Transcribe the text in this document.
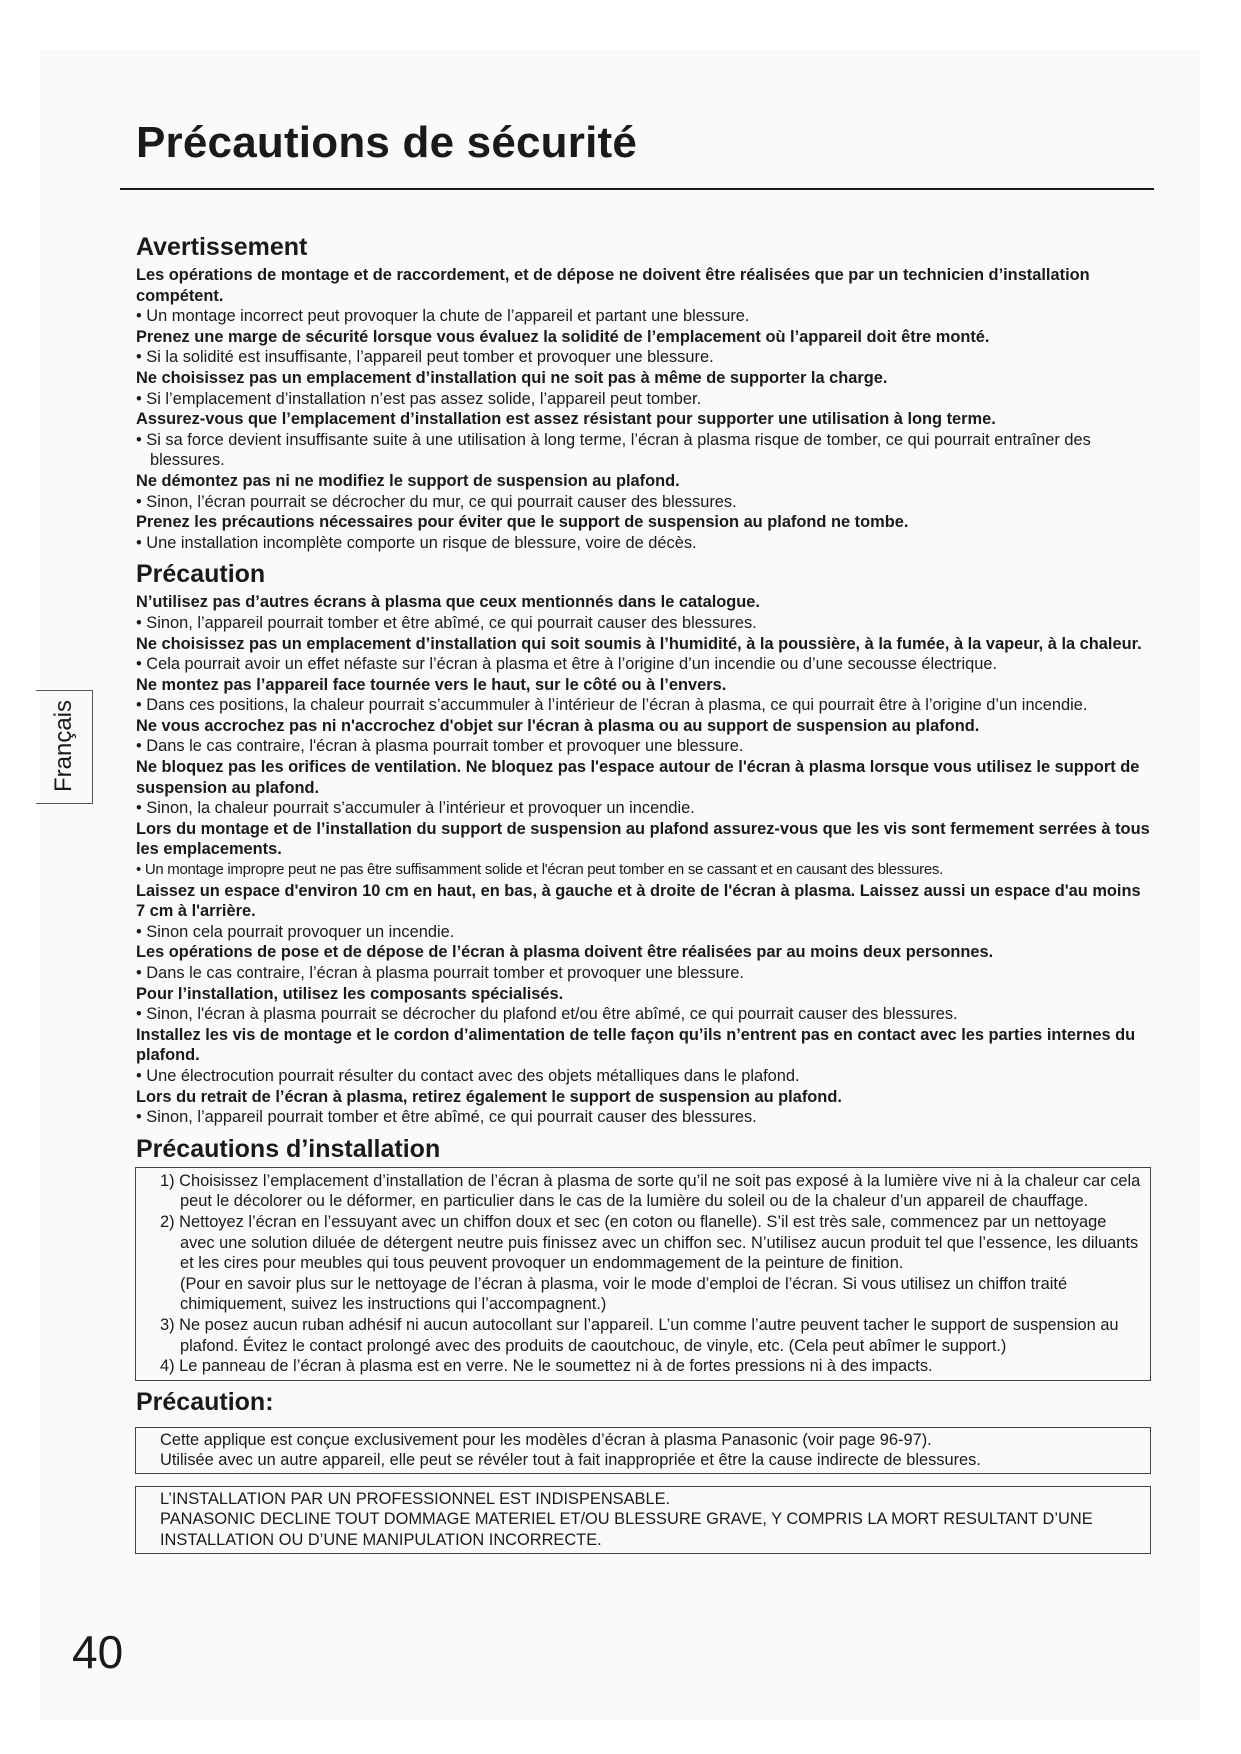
Précautions de sécurité
Français
Avertissement
Les opérations de montage et de raccordement, et de dépose ne doivent être réalisées que par un technicien d’installation compétent.
• Un montage incorrect peut provoquer la chute de l’appareil et partant une blessure.
Prenez une marge de sécurité lorsque vous évaluez la solidité de l’emplacement où l’appareil doit être monté.
• Si la solidité est insuffisante, l’appareil peut tomber et provoquer une blessure.
Ne choisissez pas un emplacement d’installation qui ne soit pas à même de supporter la charge.
• Si l’emplacement d’installation n’est pas assez solide, l’appareil peut tomber.
Assurez-vous que l’emplacement d’installation est assez résistant pour supporter une utilisation à long terme.
• Si sa force devient insuffisante suite à une utilisation à long terme, l’écran à plasma risque de tomber, ce qui pourrait entraîner des blessures.
Ne démontez pas ni ne modifiez le support de suspension au plafond.
• Sinon, l’écran pourrait se décrocher du mur, ce qui pourrait causer des blessures.
Prenez les précautions nécessaires pour éviter que le support de suspension au plafond ne tombe.
• Une installation incomplète comporte un risque de blessure, voire de décès.
Précaution
N’utilisez pas d’autres écrans à plasma que ceux mentionnés dans le catalogue.
• Sinon, l’appareil pourrait tomber et être abîmé, ce qui pourrait causer des blessures.
Ne choisissez pas un emplacement d’installation qui soit soumis à l’humidité, à la poussière, à la fumée, à la vapeur, à la chaleur.
• Cela pourrait avoir un effet néfaste sur l’écran à plasma et être à l’origine d’un incendie ou d’une secousse électrique.
Ne montez pas l’appareil face tournée vers le haut, sur le côté ou à l’envers.
• Dans ces positions, la chaleur pourrait s’accummuler à l’intérieur de l’écran à plasma, ce qui pourrait être à l’origine d’un incendie.
Ne vous accrochez pas ni n'accrochez d'objet sur l'écran à plasma ou au support de suspension au plafond.
• Dans le cas contraire, l'écran à plasma pourrait tomber et provoquer une blessure.
Ne bloquez pas les orifices de ventilation. Ne bloquez pas l'espace autour de l'écran à plasma lorsque vous utilisez le support de suspension au plafond.
• Sinon, la chaleur pourrait s’accumuler à l’intérieur et provoquer un incendie.
Lors du montage et de l’installation du support de suspension au plafond assurez-vous que les vis sont fermement serrées à tous les emplacements.
• Un montage impropre peut ne pas être suffisamment solide et l'écran peut tomber en se cassant et en causant des blessures.
Laissez un espace d'environ 10 cm en haut, en bas, à gauche et à droite de l'écran à plasma. Laissez aussi un espace d'au moins 7 cm à l'arrière.
• Sinon cela pourrait provoquer un incendie.
Les opérations de pose et de dépose de l’écran à plasma doivent être réalisées par au moins deux personnes.
• Dans le cas contraire, l’écran à plasma pourrait tomber et provoquer une blessure.
Pour l’installation, utilisez les composants spécialisés.
• Sinon, l'écran à plasma pourrait se décrocher du plafond et/ou être abîmé, ce qui pourrait causer des blessures.
Installez les vis de montage et le cordon d’alimentation de telle façon qu’ils n’entrent pas en contact avec les parties internes du plafond.
• Une électrocution pourrait résulter du contact avec des objets métalliques dans le plafond.
Lors du retrait de l’écran à plasma, retirez également le support de suspension au plafond.
• Sinon, l’appareil pourrait tomber et être abîmé, ce qui pourrait causer des blessures.
Précautions d’installation

1) Choisissez l’emplacement d’installation de l’écran à plasma de sorte qu’il ne soit pas exposé à la lumière vive ni à la chaleur car cela peut le décolorer ou le déformer, en particulier dans le cas de la lumière du soleil ou de la chaleur d’un appareil de chauffage.

2) Nettoyez l’écran en l’essuyant avec un chiffon doux et sec (en coton ou flanelle). S’il est très sale, commencez par un nettoyage avec une solution diluée de détergent neutre puis finissez avec un chiffon sec. N’utilisez aucun produit tel que l’essence, les diluants et les cires pour meubles qui tous peuvent provoquer un endommagement de la peinture de finition.

(Pour en savoir plus sur le nettoyage de l’écran à plasma, voir le mode d’emploi de l’écran. Si vous utilisez un chiffon traité chimiquement, suivez les instructions qui l’accompagnent.)

3) Ne posez aucun ruban adhésif ni aucun autocollant sur l’appareil. L’un comme l’autre peuvent tacher le support de suspension au plafond. Évitez le contact prolongé avec des produits de caoutchouc, de vinyle, etc. (Cela peut abîmer le support.)

4) Le panneau de l’écran à plasma est en verre. Ne le soumettez ni à de fortes pressions ni à des impacts.

Précaution:

Cette applique est conçue exclusivement pour les modèles d’écran à plasma Panasonic (voir page 96-97).

Utilisée avec un autre appareil, elle peut se révéler tout à fait inappropriée et être la cause indirecte de blessures.

L’INSTALLATION PAR UN PROFESSIONNEL EST INDISPENSABLE.

PANASONIC DECLINE TOUT DOMMAGE MATERIEL ET/OU BLESSURE GRAVE, Y COMPRIS LA MORT RESULTANT D’UNE INSTALLATION OU D’UNE MANIPULATION INCORRECTE.

40
